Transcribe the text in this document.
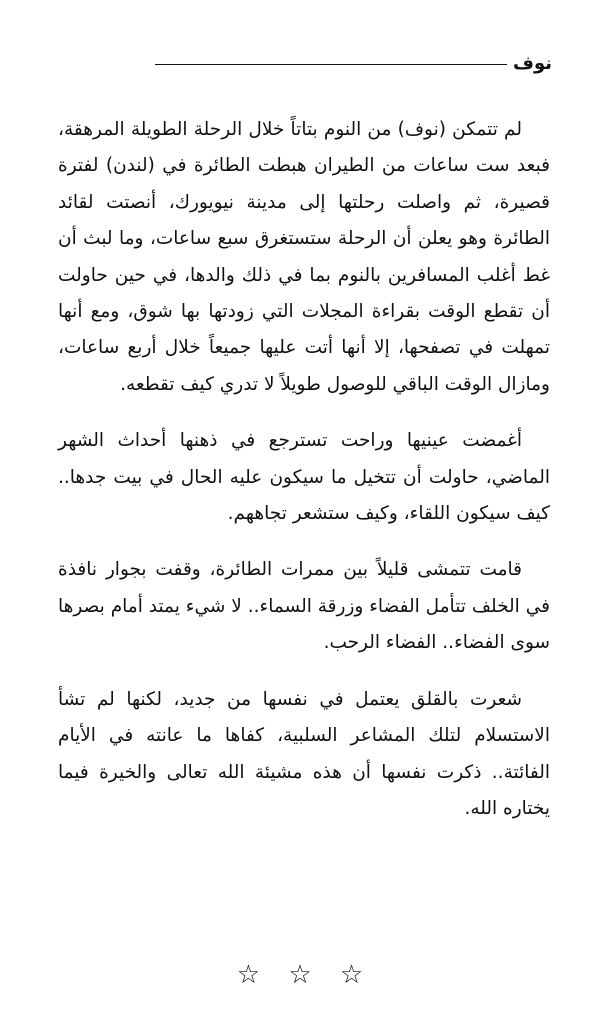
نوف

لم تتمكن (نوف) من النوم بتاتاً خلال الرحلة الطويلة المرهقة، فبعد ست ساعات من الطيران هبطت الطائرة في (لندن) لفترة قصيرة، ثم واصلت رحلتها إلى مدينة نيويورك، أنصتت لقائد الطائرة وهو يعلن أن الرحلة ستستغرق سبع ساعات، وما لبث أن غط أغلب المسافرين بالنوم بما في ذلك والدها، في حين حاولت أن تقطع الوقت بقراءة المجلات التي زودتها بها شوق، ومع أنها تمهلت في تصفحها، إلا أنها أتت عليها جميعاً خلال أربع ساعات، ومازال الوقت الباقي للوصول طويلاً لا تدري كيف تقطعه.

أغمضت عينيها وراحت تسترجع في ذهنها أحداث الشهر الماضي، حاولت أن تتخيل ما سيكون عليه الحال في بيت جدها.. كيف سيكون اللقاء، وكيف ستشعر تجاههم.

قامت تتمشى قليلاً بين ممرات الطائرة، وقفت بجوار نافذة في الخلف تتأمل الفضاء وزرقة السماء.. لا شيء يمتد أمام بصرها سوى الفضاء.. الفضاء الرحب.

شعرت بالقلق يعتمل في نفسها من جديد، لكنها لم تشأ الاستسلام لتلك المشاعر السلبية، كفاها ما عانته في الأيام الفائتة.. ذكرت نفسها أن هذه مشيئة الله تعالى والخيرة فيما يختاره الله.

☆ ☆ ☆
